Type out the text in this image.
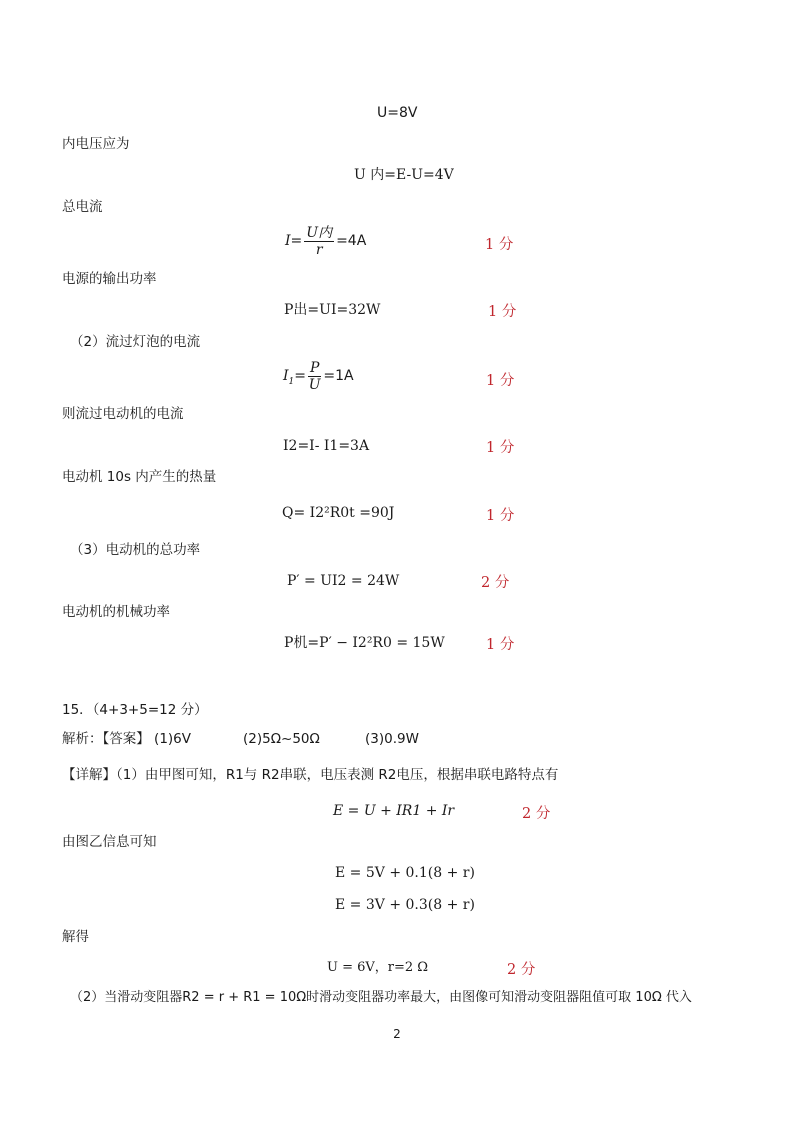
U=8V
内电压应为
U 内=E-U=4V
总电流
$I= \frac{\text{U内}}{r} =4A$	1 分
电源的输出功率
P出=UI=32W	1 分
（2）流过灯泡的电流
$I_1= \frac{P}{U} =1A$	1 分
则流过电动机的电流
I2=I- I1=3A	1 分
电动机 10s 内产生的热量
Q= I2²R0t =90J	1 分
（3）电动机的总功率
P′ = UI2 = 24W	2 分
电动机的机械功率
P机=P′ − I2²R0 = 15W	1 分
15．（4+3+5=12 分）
解析：【答案】 (1)6V	(2)5Ω~50Ω	(3)0.9W
【详解】（1）由甲图可知，R1与 R2串联，电压表测 R2电压，根据串联电路特点有
E = U + IR1 + Ir	2 分
由图乙信息可知
E = 5V + 0.1(8 + r)
E = 3V + 0.3(8 + r)
解得
U = 6V，r=2 Ω	2 分
（2）当滑动变阻器R2 = r + R1 = 10Ω时滑动变阻器功率最大，由图像可知滑动变阻器阻值可取 10Ω 代入
2
